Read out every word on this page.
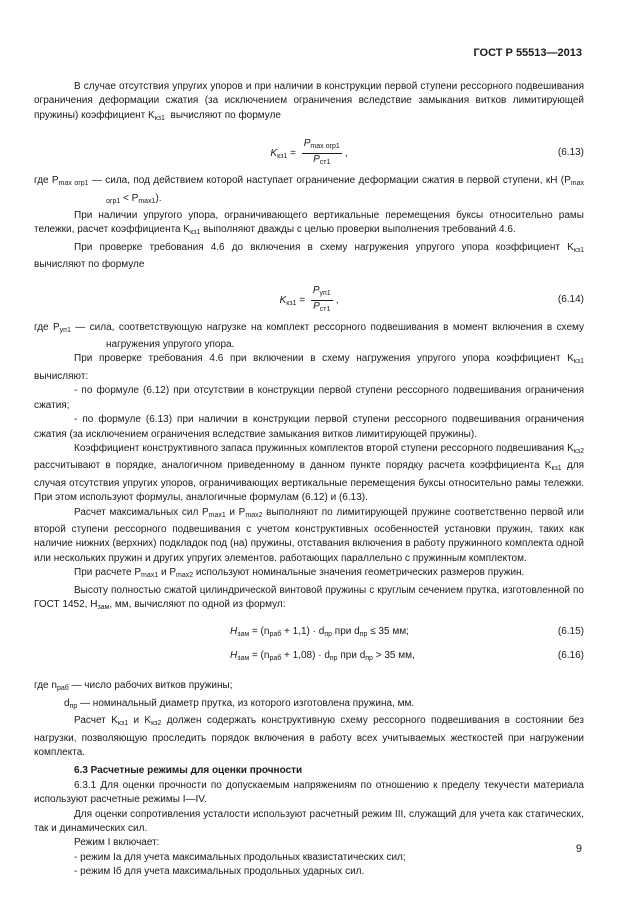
ГОСТ Р 55513—2013

В случае отсутствия упругих упоров и при наличии в конструкции первой ступени рессорного подвешивания ограничения деформации сжатия (за исключением ограничения вследствие замыкания витков лимитирующей пружины) коэффициент $K_{кз1}$ вычисляют по формуле

$K_{кз1} = \frac{P_{max огр1}}{P_{ст1}}$ ,	(6.13)

где $P_{max огр1}$ — сила, под действием которой наступает ограничение деформации сжатия в первой ступени, кН $(P_{max огр1} < P_{max1})$.

При наличии упругого упора, ограничивающего вертикальные перемещения буксы относительно рамы тележки, расчет коэффициента $K_{кз1}$ выполняют дважды с целью проверки выполнения требований 4.6.

При проверке требования 4.6 до включения в схему нагружения упругого упора коэффициент $K_{кз1}$ вычисляют по формуле

$K_{кз1} = \frac{P_{уп1}}{P_{ст1}}$ ,	(6.14)

где $P_{уп1}$ — сила, соответствующую нагрузке на комплект рессорного подвешивания в момент включения в схему нагружения упругого упора.

При проверке требования 4.6 при включении в схему нагружения упругого упора коэффициент $K_{кз1}$ вычисляют:

- по формуле (6.12) при отсутствии в конструкции первой ступени рессорного подвешивания ограничения сжатия;

- по формуле (6.13) при наличии в конструкции первой ступени рессорного подвешивания ограничения сжатия (за исключением ограничения вследствие замыкания витков лимитирующей пружины).

Коэффициент конструктивного запаса пружинных комплектов второй ступени рессорного подвешивания $K_{кз2}$ рассчитывают в порядке, аналогичном приведенному в данном пункте порядку расчета коэффициента $K_{кз1}$ для случая отсутствия упругих упоров, ограничивающих вертикальные перемещения буксы относительно рамы тележки. При этом используют формулы, аналогичные формулам (6.12) и (6.13).

Расчет максимальных сил $P_{max1}$ и $P_{max2}$ выполняют по лимитирующей пружине соответственно первой или второй ступени рессорного подвешивания с учетом конструктивных особенностей установки пружин, таких как наличие нижних (верхних) подкладок под (на) пружины, отставания включения в работу пружинного комплекта одной или нескольких пружин и других упругих элементов. работающих параллельно с пружинным комплектом.

При расчете $P_{max1}$ и $P_{max2}$ используют номинальные значения геометрических размеров пружин.

Высоту полностью сжатой цилиндрической винтовой пружины с круглым сечением прутка, изготовленной по ГОСТ 1452, $H_{зам}$, мм, вычисляют по одной из формул:

$H_{зам} = (n_{раб} + 1,1) \cdot d_{пр}$ при $d_{пр} \le 35$ мм;	(6.15)
$H_{зам} = (n_{раб} + 1,08) \cdot d_{пр}$ при $d_{пр} > 35$ мм,	(6.16)

где $n_{раб}$ — число рабочих витков пружины;

$d_{пр}$ — номинальный диаметр прутка, из которого изготовлена пружина, мм.

Расчет $K_{кз1}$ и $K_{кз2}$ должен содержать конструктивную схему рессорного подвешивания в состоянии без нагрузки, позволяющую проследить порядок включения в работу всех учитываемых жесткостей при нагружении комплекта.

6.3 Расчетные режимы для оценки прочности

6.3.1 Для оценки прочности по допускаемым напряжениям по отношению к пределу текучести материала используют расчетные режимы I—IV.

Для оценки сопротивления усталости используют расчетный режим III, служащий для учета как статических, так и динамических сил.

Режим I включает:

- режим Iа для учета максимальных продольных квазистатических сил;

- режим Iб для учета максимальных продольных ударных сил.

9
